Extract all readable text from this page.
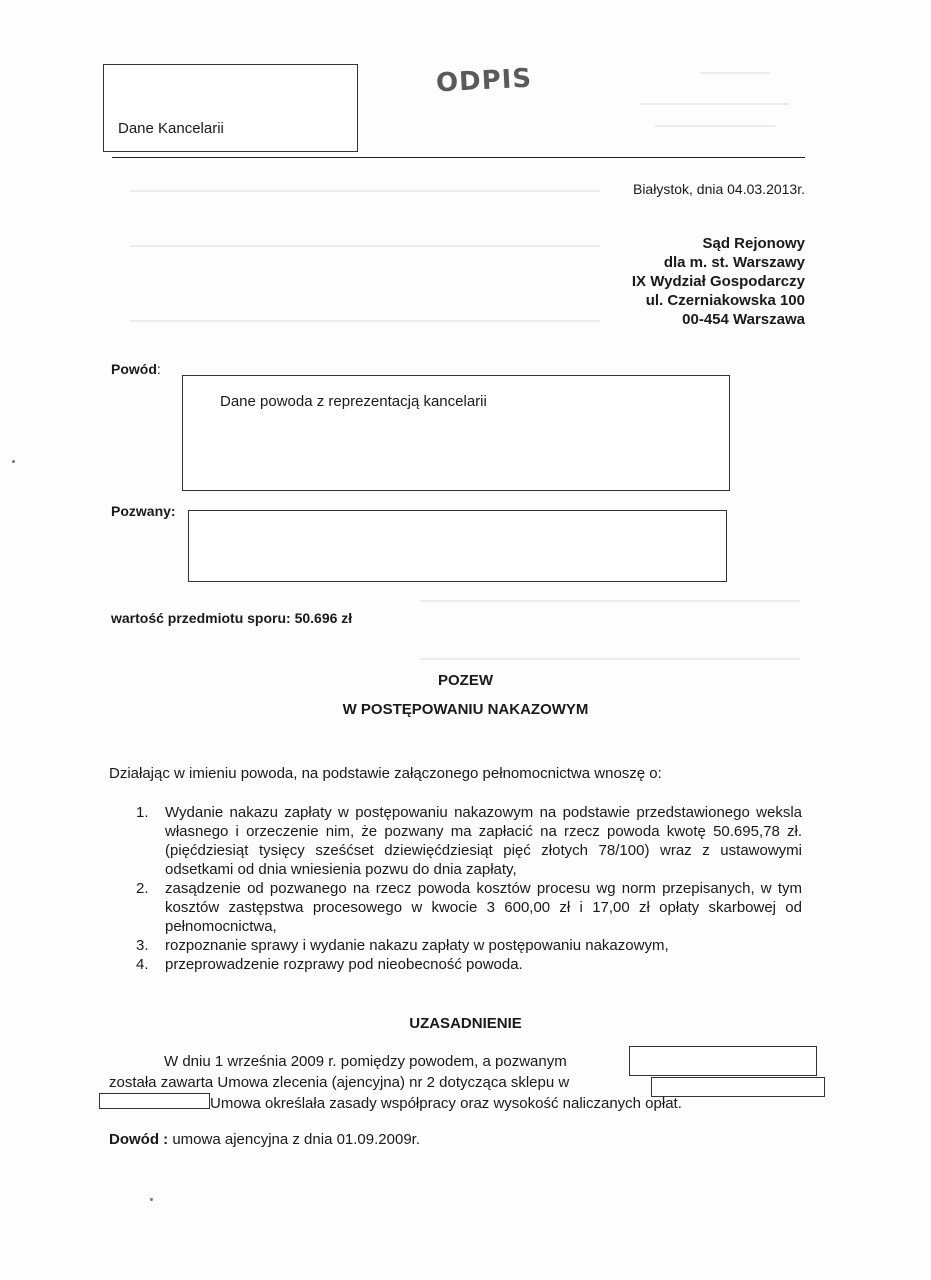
Dane Kancelarii
ODPIS
Białystok, dnia 04.03.2013r.
Sąd Rejonowy
dla m. st. Warszawy
IX Wydział Gospodarczy
ul. Czerniakowska 100
00-454 Warszawa
Powód:
Dane powoda z reprezentacją kancelarii
Pozwany:
wartość przedmiotu sporu: 50.696 zł
POZEW
W POSTĘPOWANIU NAKAZOWYM
Działając w imieniu powoda, na podstawie załączonego pełnomocnictwa wnoszę o:
1. Wydanie nakazu zapłaty w postępowaniu nakazowym na podstawie przedstawionego weksla własnego i orzeczenie nim, że pozwany ma zapłacić na rzecz powoda kwotę 50.695,78 zł. (pięćdziesiąt tysięcy sześćset dziewięćdziesiąt pięć złotych 78/100) wraz z ustawowymi odsetkami od dnia wniesienia pozwu do dnia zapłaty,
2. zasądzenie od pozwanego na rzecz powoda kosztów procesu wg norm przepisanych, w tym kosztów zastępstwa procesowego w kwocie 3 600,00 zł i 17,00 zł opłaty skarbowej od pełnomocnictwa,
3. rozpoznanie sprawy i wydanie nakazu zapłaty w postępowaniu nakazowym,
4. przeprowadzenie rozprawy pod nieobecność powoda.
UZASADNIENIE
W dniu 1 września 2009 r. pomiędzy powodem, a pozwanym
została zawarta Umowa zlecenia (ajencyjna) nr 2 dotycząca sklepu w
Umowa określała zasady współpracy oraz wysokość naliczanych opłat.
Dowód : umowa ajencyjna z dnia 01.09.2009r.
